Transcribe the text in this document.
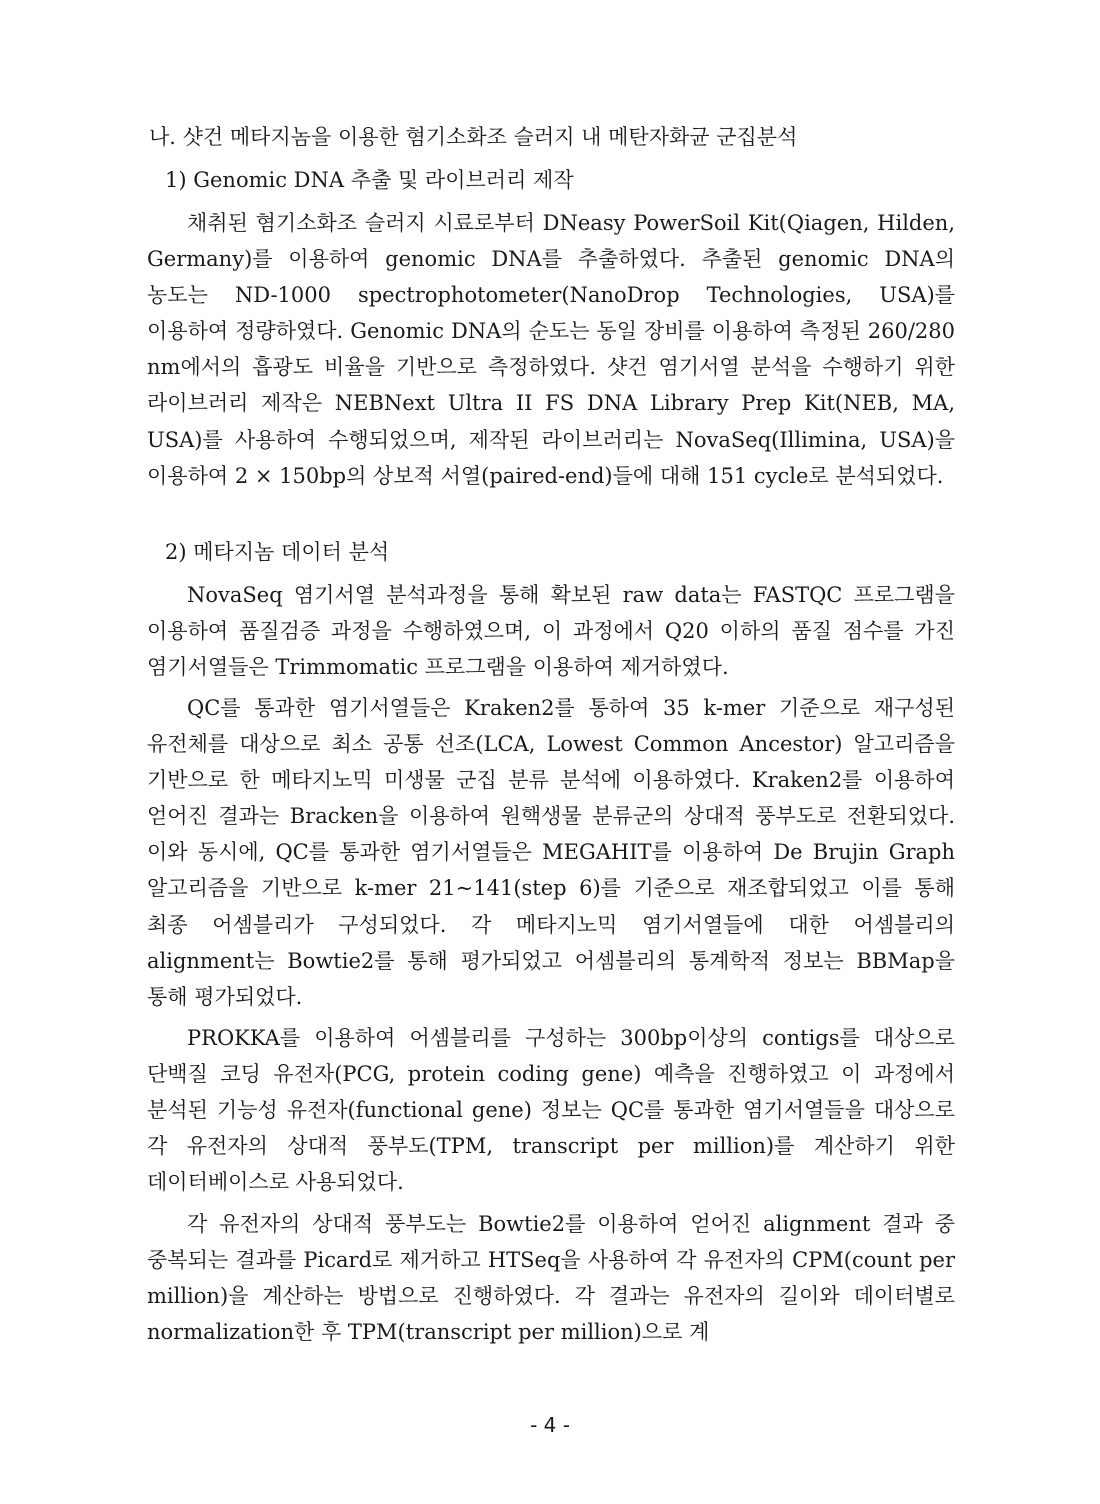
나. 샷건 메타지놈을 이용한 혐기소화조 슬러지 내 메탄자화균 군집분석
1) Genomic DNA 추출 및 라이브러리 제작

채취된 혐기소화조 슬러지 시료로부터 DNeasy PowerSoil Kit(Qiagen, Hilden, Germany)를 이용하여 genomic DNA를 추출하였다. 추출된 genomic DNA의 농도는 ND-1000 spectrophotometer(NanoDrop Technologies, USA)를 이용하여 정량하였다. Genomic DNA의 순도는 동일 장비를 이용하여 측정된 260/280 nm에서의 흡광도 비율을 기반으로 측정하였다. 샷건 염기서열 분석을 수행하기 위한 라이브러리 제작은 NEBNext Ultra II FS DNA Library Prep Kit(NEB, MA, USA)를 사용하여 수행되었으며, 제작된 라이브러리는 NovaSeq(Illimina, USA)을 이용하여 2 × 150bp의 상보적 서열(paired-end)들에 대해 151 cycle로 분석되었다.

2) 메타지놈 데이터 분석

NovaSeq 염기서열 분석과정을 통해 확보된 raw data는 FASTQC 프로그램을 이용하여 품질검증 과정을 수행하였으며, 이 과정에서 Q20 이하의 품질 점수를 가진 염기서열들은 Trimmomatic 프로그램을 이용하여 제거하였다.

QC를 통과한 염기서열들은 Kraken2를 통하여 35 k-mer 기준으로 재구성된 유전체를 대상으로 최소 공통 선조(LCA, Lowest Common Ancestor) 알고리즘을 기반으로 한 메타지노믹 미생물 군집 분류 분석에 이용하였다. Kraken2를 이용하여 얻어진 결과는 Bracken을 이용하여 원핵생물 분류군의 상대적 풍부도로 전환되었다. 이와 동시에, QC를 통과한 염기서열들은 MEGAHIT를 이용하여 De Brujin Graph 알고리즘을 기반으로 k-mer 21∼141(step 6)를 기준으로 재조합되었고 이를 통해 최종 어셈블리가 구성되었다. 각 메타지노믹 염기서열들에 대한 어셈블리의 alignment는 Bowtie2를 통해 평가되었고 어셈블리의 통계학적 정보는 BBMap을 통해 평가되었다.

PROKKA를 이용하여 어셈블리를 구성하는 300bp이상의 contigs를 대상으로 단백질 코딩 유전자(PCG, protein coding gene) 예측을 진행하였고 이 과정에서 분석된 기능성 유전자(functional gene) 정보는 QC를 통과한 염기서열들을 대상으로 각 유전자의 상대적 풍부도(TPM, transcript per million)를 계산하기 위한 데이터베이스로 사용되었다.

각 유전자의 상대적 풍부도는 Bowtie2를 이용하여 얻어진 alignment 결과 중 중복되는 결과를 Picard로 제거하고 HTSeq을 사용하여 각 유전자의 CPM(count per million)을 계산하는 방법으로 진행하였다. 각 결과는 유전자의 길이와 데이터별로 normalization한 후 TPM(transcript per million)으로 계

- 4 -
